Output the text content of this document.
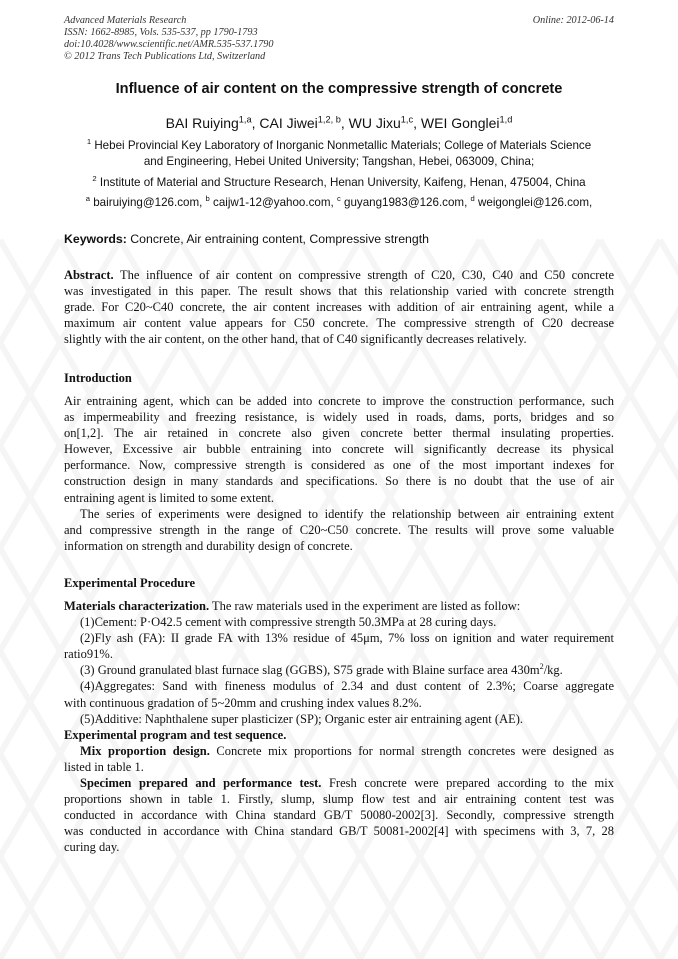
Advanced Materials Research
ISSN: 1662-8985, Vols. 535-537, pp 1790-1793
doi:10.4028/www.scientific.net/AMR.535-537.1790
© 2012 Trans Tech Publications Ltd, Switzerland
Online: 2012-06-14
Influence of air content on the compressive strength of concrete
BAI Ruiying$^{1,a}$, CAI Jiwei$^{1,2, b}$, WU Jixu$^{1,c}$, WEI Gonglei$^{1,d}$
$^1$ Hebei Provincial Key Laboratory of Inorganic Nonmetallic Materials; College of Materials Science
and Engineering, Hebei United University; Tangshan, Hebei, 063009, China;
$^2$ Institute of Material and Structure Research, Henan University, Kaifeng, Henan, 475004, China
$^a$ bairuiying@126.com, $^b$ caijw1-12@yahoo.com, $^c$ guyang1983@126.com, $^d$ weigonglei@126.com,
Keywords: Concrete, Air entraining content, Compressive strength
Abstract. The influence of air content on compressive strength of C20, C30, C40 and C50 concrete
was investigated in this paper. The result shows that this relationship varied with concrete strength
grade. For C20~C40 concrete, the air content increases with addition of air entraining agent, while a
maximum air content value appears for C50 concrete. The compressive strength of C20 decrease
slightly with the air content, on the other hand, that of C40 significantly decreases relatively.
Introduction
Air entraining agent, which can be added into concrete to improve the construction performance, such
as impermeability and freezing resistance, is widely used in roads, dams, ports, bridges and so
on[1,2]. The air retained in concrete also given concrete better thermal insulating properties.
However, Excessive air bubble entraining into concrete will significantly decrease its physical
performance. Now, compressive strength is considered as one of the most important indexes for
construction design in many standards and specifications. So there is no doubt that the use of air
entraining agent is limited to some extent.
The series of experiments were designed to identify the relationship between air entraining extent
and compressive strength in the range of C20~C50 concrete. The results will prove some valuable
information on strength and durability design of concrete.
Experimental Procedure
Materials characterization. The raw materials used in the experiment are listed as follow:
(1)Cement: P·O42.5 cement with compressive strength 50.3MPa at 28 curing days.
(2)Fly ash (FA): II grade FA with 13% residue of 45μm, 7% loss on ignition and water requirement
ratio91%.
(3) Ground granulated blast furnace slag (GGBS), S75 grade with Blaine surface area $430m^2/kg$.
(4)Aggregates: Sand with fineness modulus of 2.34 and dust content of 2.3%; Coarse aggregate
with continuous gradation of 5~20mm and crushing index values 8.2%.
(5)Additive: Naphthalene super plasticizer (SP); Organic ester air entraining agent (AE).
Experimental program and test sequence.
Mix proportion design. Concrete mix proportions for normal strength concretes were designed as
listed in table 1.
Specimen prepared and performance test. Fresh concrete were prepared according to the mix
proportions shown in table 1. Firstly, slump, slump flow test and air entraining content test was
conducted in accordance with China standard GB/T 50080-2002[3]. Secondly, compressive strength
was conducted in accordance with China standard GB/T 50081-2002[4] with specimens with 3, 7, 28
curing day.
